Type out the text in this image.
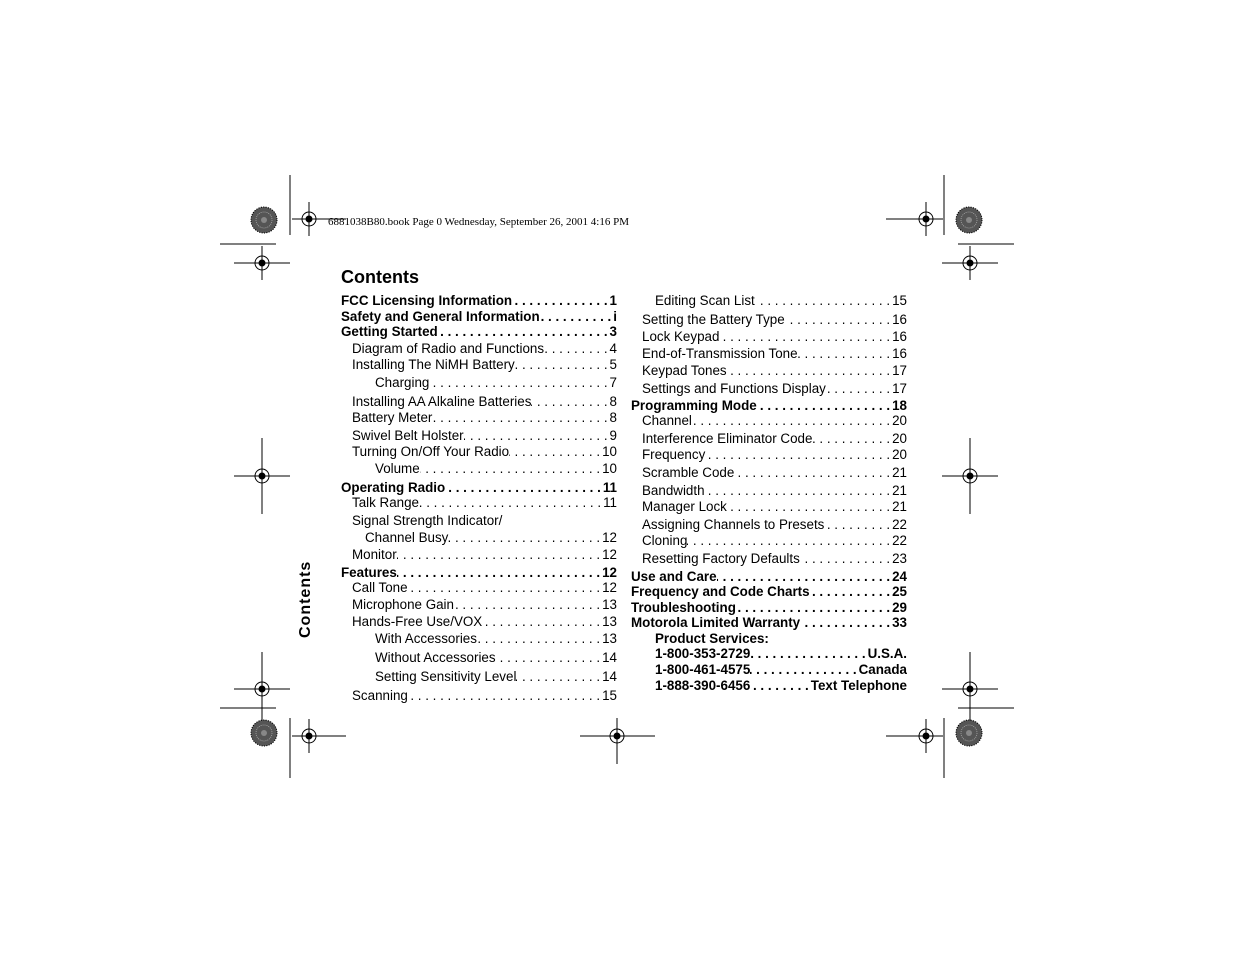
6881038B80.book Page 0 Wednesday, September 26, 2001 4:16 PM
Contents
Contents
FCC Licensing Information . . .	1
Safety and General Information . . .	i
Getting Started . . .	3
Diagram of Radio and Functions . . .	4
Installing The NiMH Battery . . .	5
Charging . . .	7
Installing AA Alkaline Batteries . . .	8
Battery Meter . . .	8
Swivel Belt Holster . . .	9
Turning On/Off Your Radio . . .	10
Volume . . .	10
Operating Radio . . .	11
Talk Range . . .	11
Signal Strength Indicator/
Channel Busy . . .	12
Monitor . . .	12
Features . . .	12
Call Tone . . .	12
Microphone Gain . . .	13
Hands-Free Use/VOX . . .	13
With Accessories . . .	13
Without Accessories . . .	14
Setting Sensitivity Level . . .	14
Scanning . . .	15
Editing Scan List . . .	15
Setting the Battery Type . . .	16
Lock Keypad . . .	16
End-of-Transmission Tone . . .	16
Keypad Tones . . .	17
Settings and Functions Display . . .	17
Programming Mode . . .	18
Channel . . .	20
Interference Eliminator Code . . .	20
Frequency . . .	20
Scramble Code . . .	21
Bandwidth . . .	21
Manager Lock . . .	21
Assigning Channels to Presets . . .	22
Cloning . . .	22
Resetting Factory Defaults . . .	23
Use and Care . . .	24
Frequency and Code Charts . . .	25
Troubleshooting . . .	29
Motorola Limited Warranty . . .	33
Product Services:
1-800-353-2729 . . .	U.S.A.
1-800-461-4575 . . .	Canada
1-888-390-6456 . . .	Text Telephone
